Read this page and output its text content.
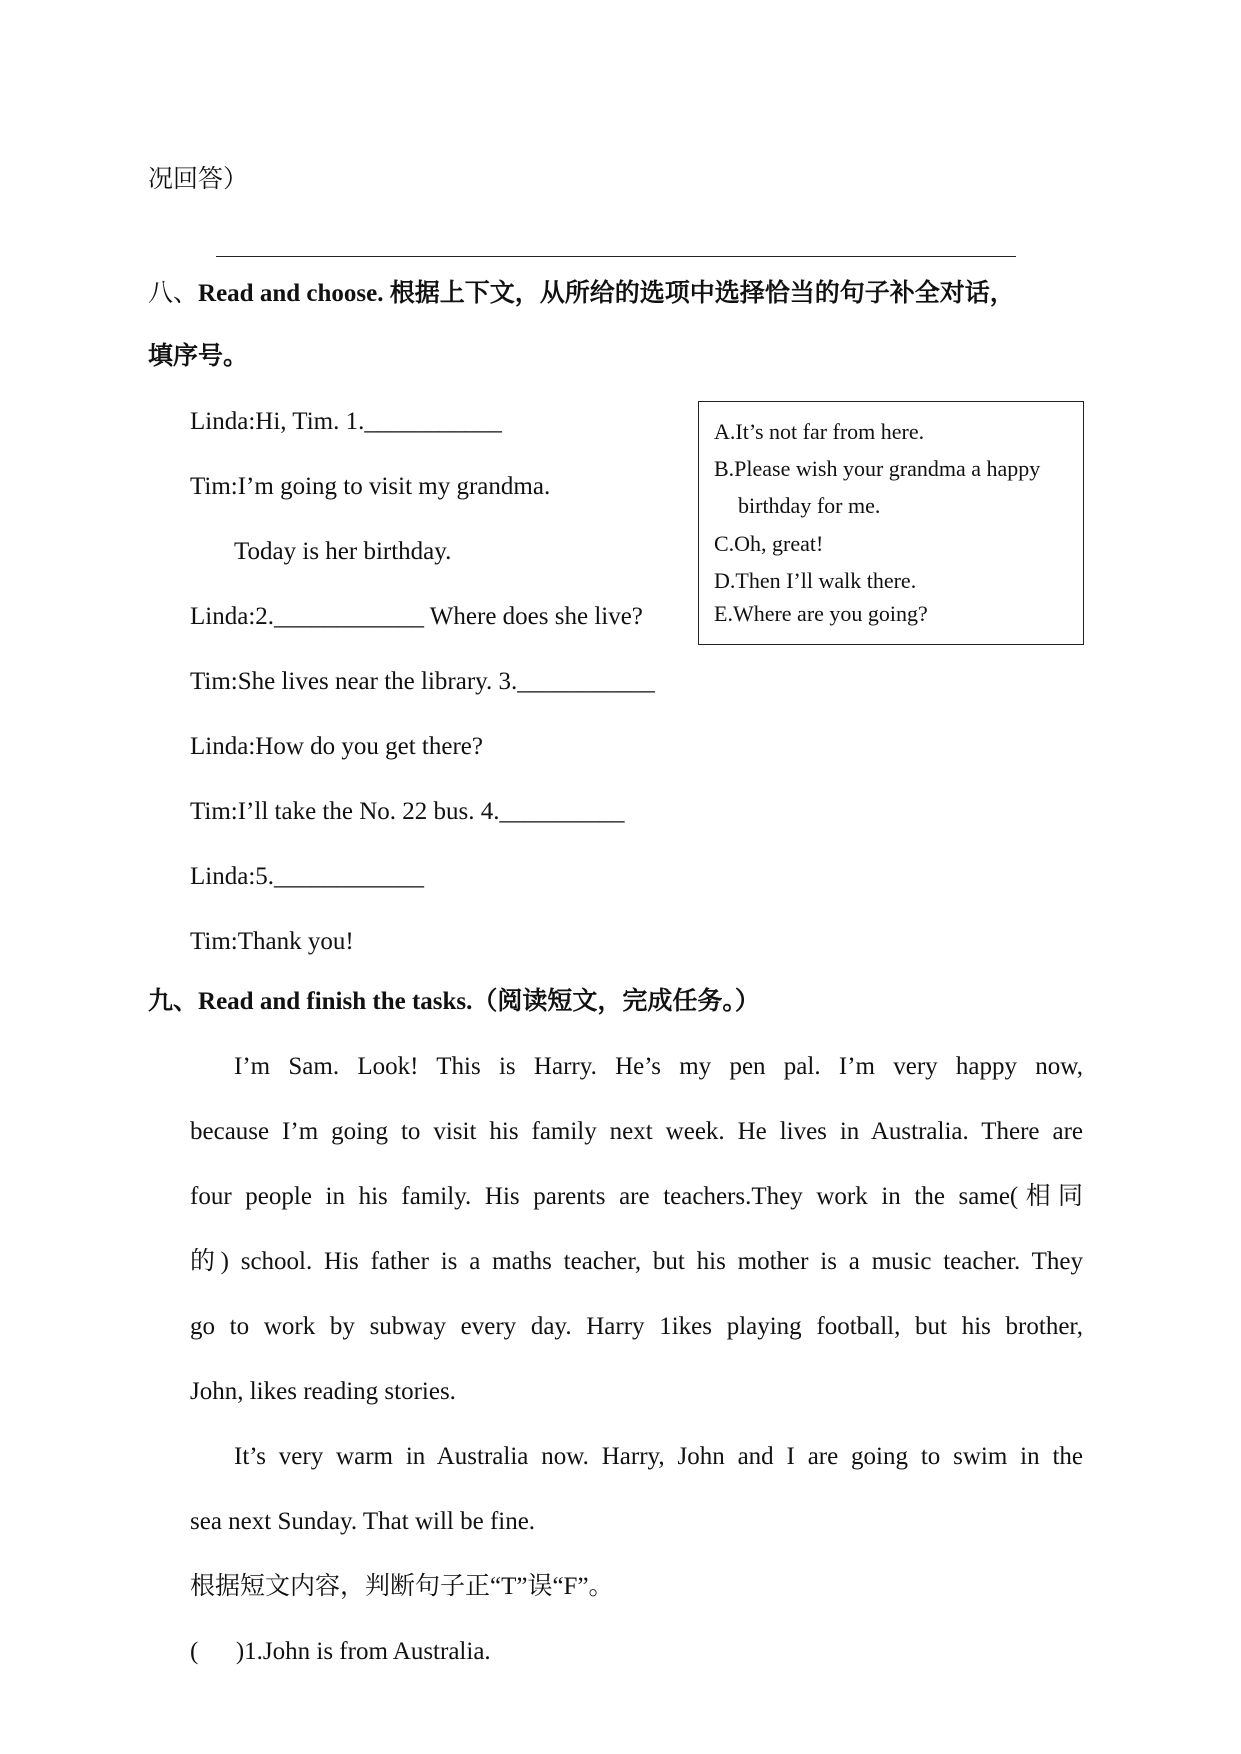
况回答）
八、Read and choose. 根据上下文，从所给的选项中选择恰当的句子补全对话，
填序号。
Linda:Hi, Tim. 1.___________
Tim:I’m going to visit my grandma.
Today is her birthday.
Linda:2.____________ Where does she live?
Tim:She lives near the library. 3.___________
Linda:How do you get there?
Tim:I’ll take the No. 22 bus. 4.__________
Linda:5.____________
Tim:Thank you!
A.It’s not far from here.
B.Please wish your grandma a happy
birthday for me.
C.Oh, great!
D.Then I’ll walk there.
E.Where are you going?
九、Read and finish the tasks.（阅读短文，完成任务。）
I’m Sam. Look! This is Harry. He’s my pen pal. I’m very happy now,
because I’m going to visit his family next week. He lives in Australia. There are
four people in his family. His parents are teachers.They work in the same(相同
的) school. His father is a maths teacher, but his mother is a music teacher. They
go to work by subway every day. Harry 1ikes playing football, but his brother,
John, likes reading stories.
It’s very warm in Australia now. Harry, John and I are going to swim in the
sea next Sunday. That will be fine.
根据短文内容，判断句子正“T”误“F”。
(      )1.John is from Australia.
